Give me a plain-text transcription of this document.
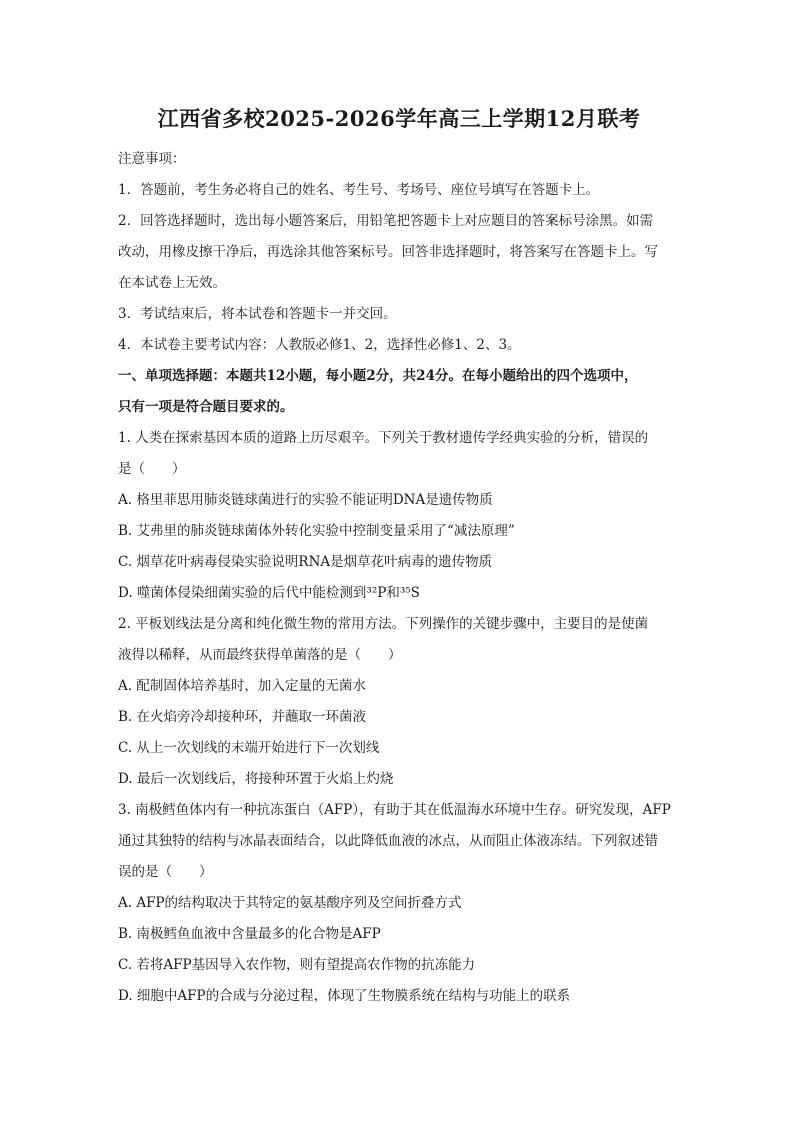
江西省多校2025-2026学年高三上学期12月联考
注意事项：
1．答题前，考生务必将自己的姓名、考生号、考场号、座位号填写在答题卡上。
2．回答选择题时，选出每小题答案后，用铅笔把答题卡上对应题目的答案标号涂黑。如需
改动，用橡皮擦干净后，再选涂其他答案标号。回答非选择题时，将答案写在答题卡上。写
在本试卷上无效。
3．考试结束后，将本试卷和答题卡一并交回。
4．本试卷主要考试内容：人教版必修1、2，选择性必修1、2、3。
一、单项选择题：本题共12小题，每小题2分，共24分。在每小题给出的四个选项中，
只有一项是符合题目要求的。
1. 人类在探索基因本质的道路上历尽艰辛。下列关于教材遗传学经典实验的分析，错误的
是（　　）
A. 格里菲思用肺炎链球菌进行的实验不能证明DNA是遗传物质
B. 艾弗里的肺炎链球菌体外转化实验中控制变量采用了“减法原理”
C. 烟草花叶病毒侵染实验说明RNA是烟草花叶病毒的遗传物质
D. 噬菌体侵染细菌实验的后代中能检测到³²P和³⁵S
2. 平板划线法是分离和纯化微生物的常用方法。下列操作的关键步骤中，主要目的是使菌
液得以稀释，从而最终获得单菌落的是（　　）
A. 配制固体培养基时，加入定量的无菌水
B. 在火焰旁冷却接种环，并蘸取一环菌液
C. 从上一次划线的末端开始进行下一次划线
D. 最后一次划线后，将接种环置于火焰上灼烧
3. 南极鳕鱼体内有一种抗冻蛋白（AFP），有助于其在低温海水环境中生存。研究发现，AFP
通过其独特的结构与冰晶表面结合，以此降低血液的冰点，从而阻止体液冻结。下列叙述错
误的是（　　）
A. AFP的结构取决于其特定的氨基酸序列及空间折叠方式
B. 南极鳕鱼血液中含量最多的化合物是AFP
C. 若将AFP基因导入农作物，则有望提高农作物的抗冻能力
D. 细胞中AFP的合成与分泌过程，体现了生物膜系统在结构与功能上的联系
